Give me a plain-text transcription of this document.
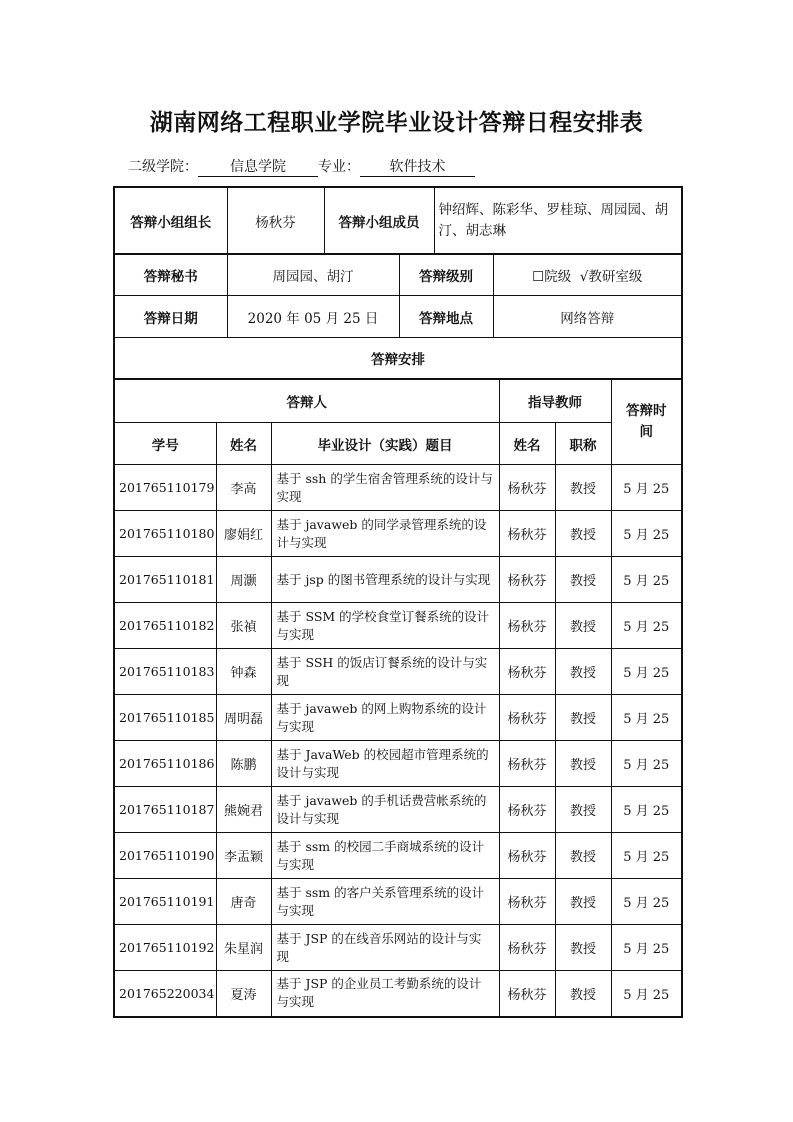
湖南网络工程职业学院毕业设计答辩日程安排表
二级学院： 信息学院 专业： 软件技术
答辩小组组长	杨秋芬	答辩小组成员	钟绍辉、陈彩华、罗桂琼、周园园、胡汀、胡志琳
答辩秘书	周园园、胡汀	答辩级别	☐院级 √教研室级
答辩日期	2020 年 05 月 25 日	答辩地点	网络答辩
答辩安排			
答辩人			指导教师		答辩时间
学号	姓名	毕业设计（实践）题目	姓名	职称	
201765110179	李高	基于 ssh 的学生宿舍管理系统的设计与实现	杨秋芬	教授	5 月 25
201765110180	廖娟红	基于 javaweb 的同学录管理系统的设计与实现	杨秋芬	教授	5 月 25
201765110181	周灏	基于 jsp 的图书管理系统的设计与实现	杨秋芬	教授	5 月 25
201765110182	张禎	基于 SSM 的学校食堂订餐系统的设计与实现	杨秋芬	教授	5 月 25
201765110183	钟森	基于 SSH 的饭店订餐系统的设计与实现	杨秋芬	教授	5 月 25
201765110185	周明磊	基于 javaweb 的网上购物系统的设计与实现	杨秋芬	教授	5 月 25
201765110186	陈鹏	基于 JavaWeb 的校园超市管理系统的设计与实现	杨秋芬	教授	5 月 25
201765110187	熊婉君	基于 javaweb 的手机话费营帐系统的设计与实现	杨秋芬	教授	5 月 25
201765110190	李盂颖	基于 ssm 的校园二手商城系统的设计与实现	杨秋芬	教授	5 月 25
201765110191	唐奇	基于 ssm 的客户关系管理系统的设计与实现	杨秋芬	教授	5 月 25
201765110192	朱星润	基于 JSP 的在线音乐网站的设计与实现	杨秋芬	教授	5 月 25
201765220034	夏涛	基于 JSP 的企业员工考勤系统的设计与实现	杨秋芬	教授	5 月 25
